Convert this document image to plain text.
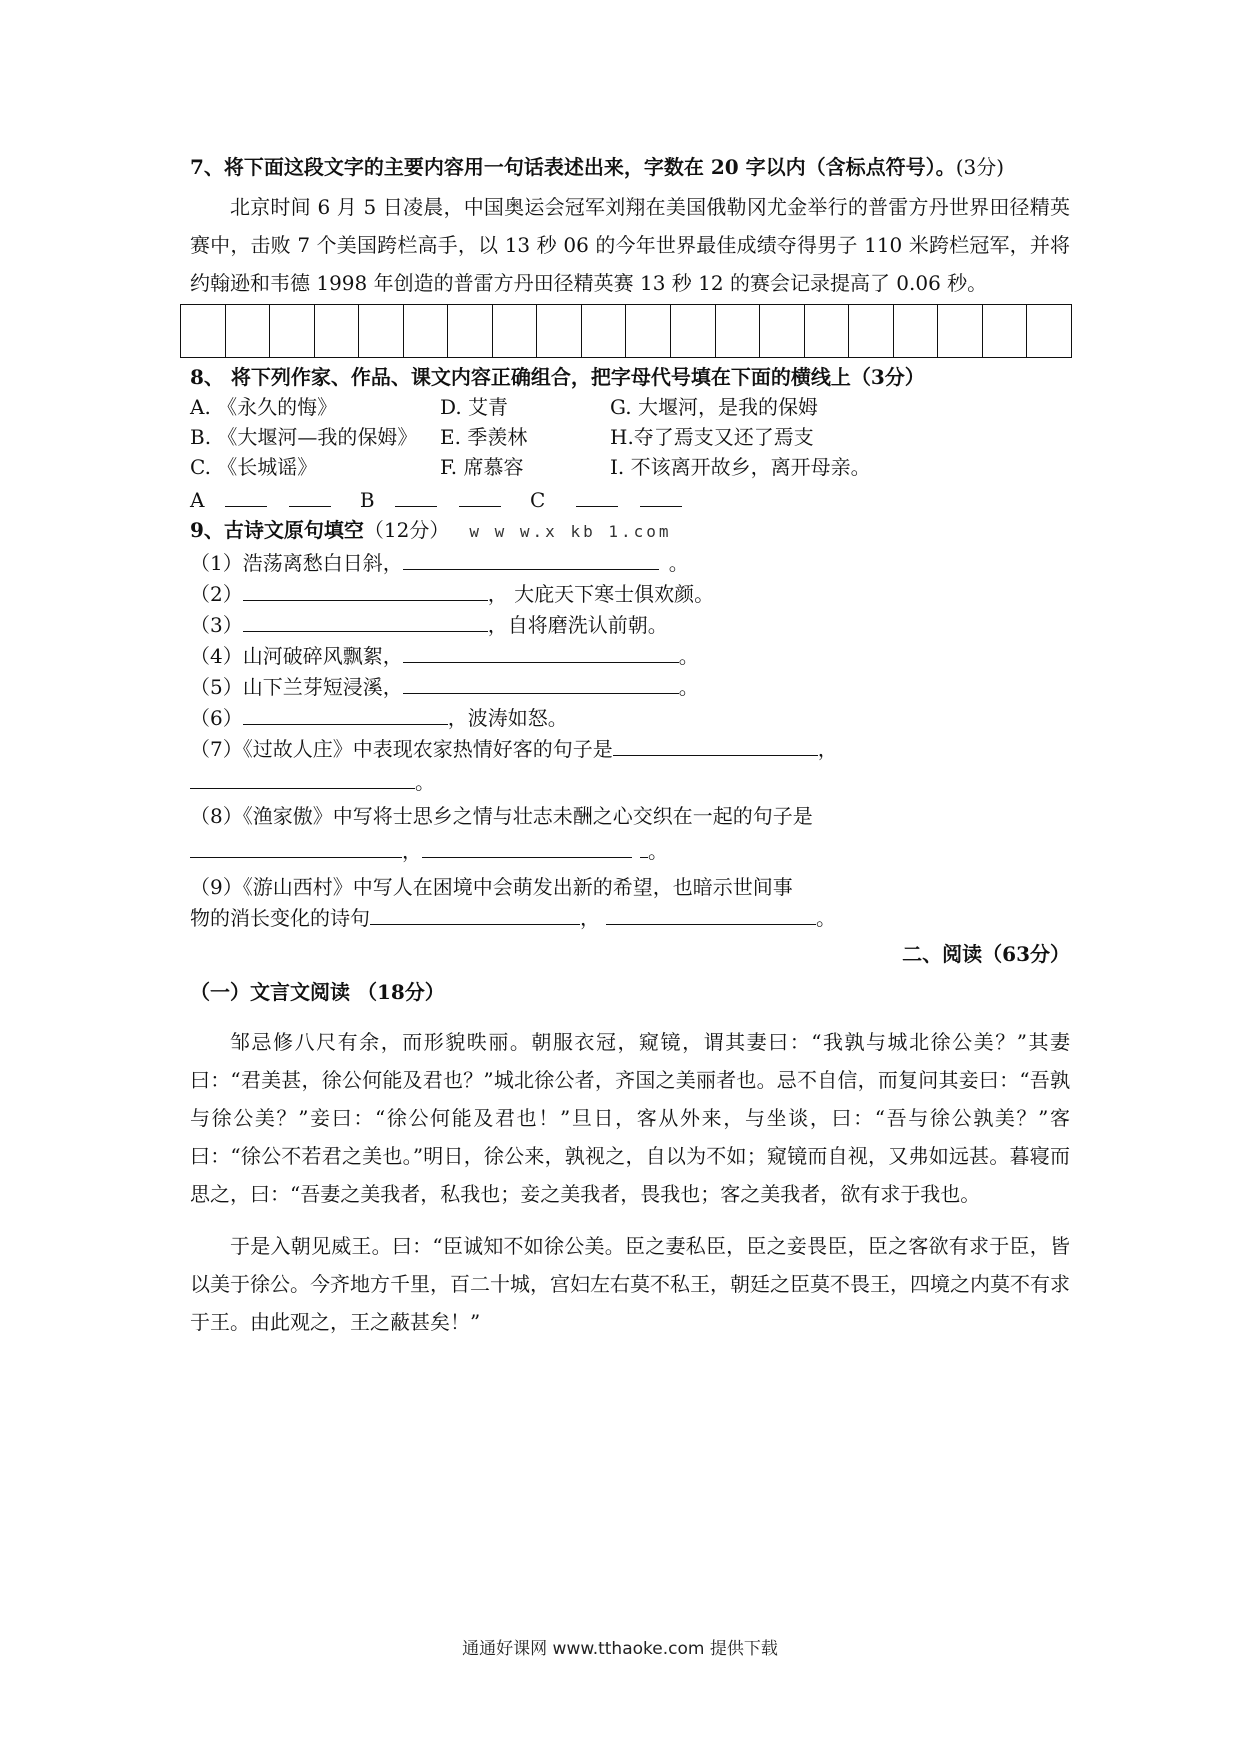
7、将下面这段文字的主要内容用一句话表述出来，字数在 20 字以内（含标点符号）。(3分)

北京时间 6 月 5 日凌晨，中国奥运会冠军刘翔在美国俄勒冈尤金举行的普雷方丹世界田径精英赛中，击败 7 个美国跨栏高手，以 13 秒 06 的今年世界最佳成绩夺得男子 110 米跨栏冠军，并将约翰逊和韦德 1998 年创造的普雷方丹田径精英赛 13 秒 12 的赛会记录提高了 0.06 秒。

8、 将下列作家、作品、课文内容正确组合，把字母代号填在下面的横线上（3分）
A. 《永久的悔》	D. 艾青	G. 大堰河，是我的保姆
B. 《大堰河—我的保姆》 E. 季羡林	H.夺了焉支又还了焉支
C. 《长城谣》	F. 席慕容	I. 不该离开故乡，离开母亲。
A	B	C
9、古诗文原句填空（12分） w w w.x kb 1.com
（1）浩荡离愁白日斜，	。
（2）	， 大庇天下寒士俱欢颜。
（3）	，自将磨洗认前朝。
（4）山河破碎风飘絮，	。
（5）山下兰芽短浸溪，	。
（6）	，波涛如怒。
（7）《过故人庄》中表现农家热情好客的句子是	，
。
（8）《渔家傲》中写将士思乡之情与壮志未酬之心交织在一起的句子是
，	。
（9）《游山西村》中写人在困境中会萌发出新的希望，也暗示世间事
物的消长变化的诗句	，	。
二、阅读（63分）
（一）文言文阅读 （18分）

邹忌修八尺有余，而形貌昳丽。朝服衣冠，窥镜，谓其妻曰：“我孰与城北徐公美？”其妻曰：“君美甚，徐公何能及君也？”城北徐公者，齐国之美丽者也。忌不自信，而复问其妾曰：“吾孰与徐公美？”妾曰：“徐公何能及君也！”旦日，客从外来，与坐谈，曰：“吾与徐公孰美？”客曰：“徐公不若君之美也。”明日，徐公来，孰视之，自以为不如；窥镜而自视，又弗如远甚。暮寝而思之，曰：“吾妻之美我者，私我也；妾之美我者，畏我也；客之美我者，欲有求于我也。

于是入朝见威王。曰：“臣诚知不如徐公美。臣之妻私臣，臣之妾畏臣，臣之客欲有求于臣，皆以美于徐公。今齐地方千里，百二十城，宫妇左右莫不私王，朝廷之臣莫不畏王，四境之内莫不有求于王。由此观之，王之蔽甚矣！”

通通好课网 www.tthaoke.com 提供下载
